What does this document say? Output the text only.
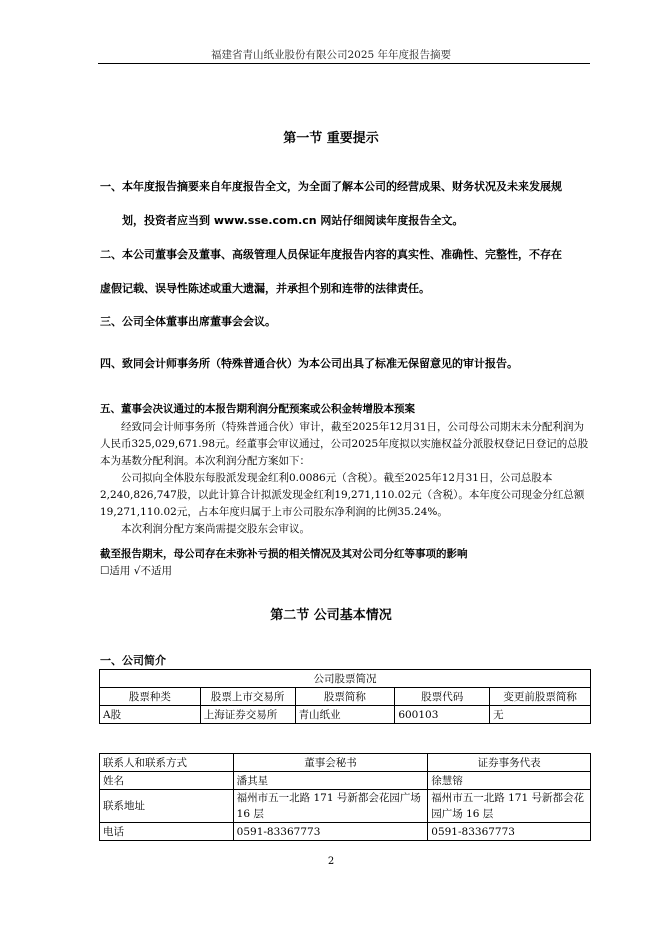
福建省青山纸业股份有限公司2025 年年度报告摘要
第一节 重要提示
一、本年度报告摘要来自年度报告全文，为全面了解本公司的经营成果、财务状况及未来发展规
划，投资者应当到 www.sse.com.cn 网站仔细阅读年度报告全文。
二、本公司董事会及董事、高级管理人员保证年度报告内容的真实性、准确性、完整性，不存在
虚假记载、误导性陈述或重大遗漏，并承担个别和连带的法律责任。
三、公司全体董事出席董事会会议。
四、致同会计师事务所（特殊普通合伙）为本公司出具了标准无保留意见的审计报告。
五、董事会决议通过的本报告期利润分配预案或公积金转增股本预案
经致同会计师事务所（特殊普通合伙）审计，截至2025年12月31日，公司母公司期末未分配利润为人民币325,029,671.98元。经董事会审议通过，公司2025年度拟以实施权益分派股权登记日登记的总股本为基数分配利润。本次利润分配方案如下：
公司拟向全体股东每股派发现金红利0.0086元（含税）。截至2025年12月31日，公司总股本2,240,826,747股，以此计算合计拟派发现金红利19,271,110.02元（含税）。本年度公司现金分红总额19,271,110.02元，占本年度归属于上市公司股东净利润的比例35.24%。
本次利润分配方案尚需提交股东会审议。
截至报告期末，母公司存在未弥补亏损的相关情况及其对公司分红等事项的影响
☐适用 √不适用
第二节 公司基本情况
一、公司简介
公司股票简况				
股票种类	股票上市交易所	股票简称	股票代码	变更前股票简称
A股	上海证券交易所	青山纸业	600103	无
联系人和联系方式	董事会秘书	证券事务代表
姓名	潘其星	徐慧镕
联系地址	福州市五一北路 171 号新都会花园广场 16 层	福州市五一北路 171 号新都会花园广场 16 层
电话	0591-83367773	0591-83367773
2
